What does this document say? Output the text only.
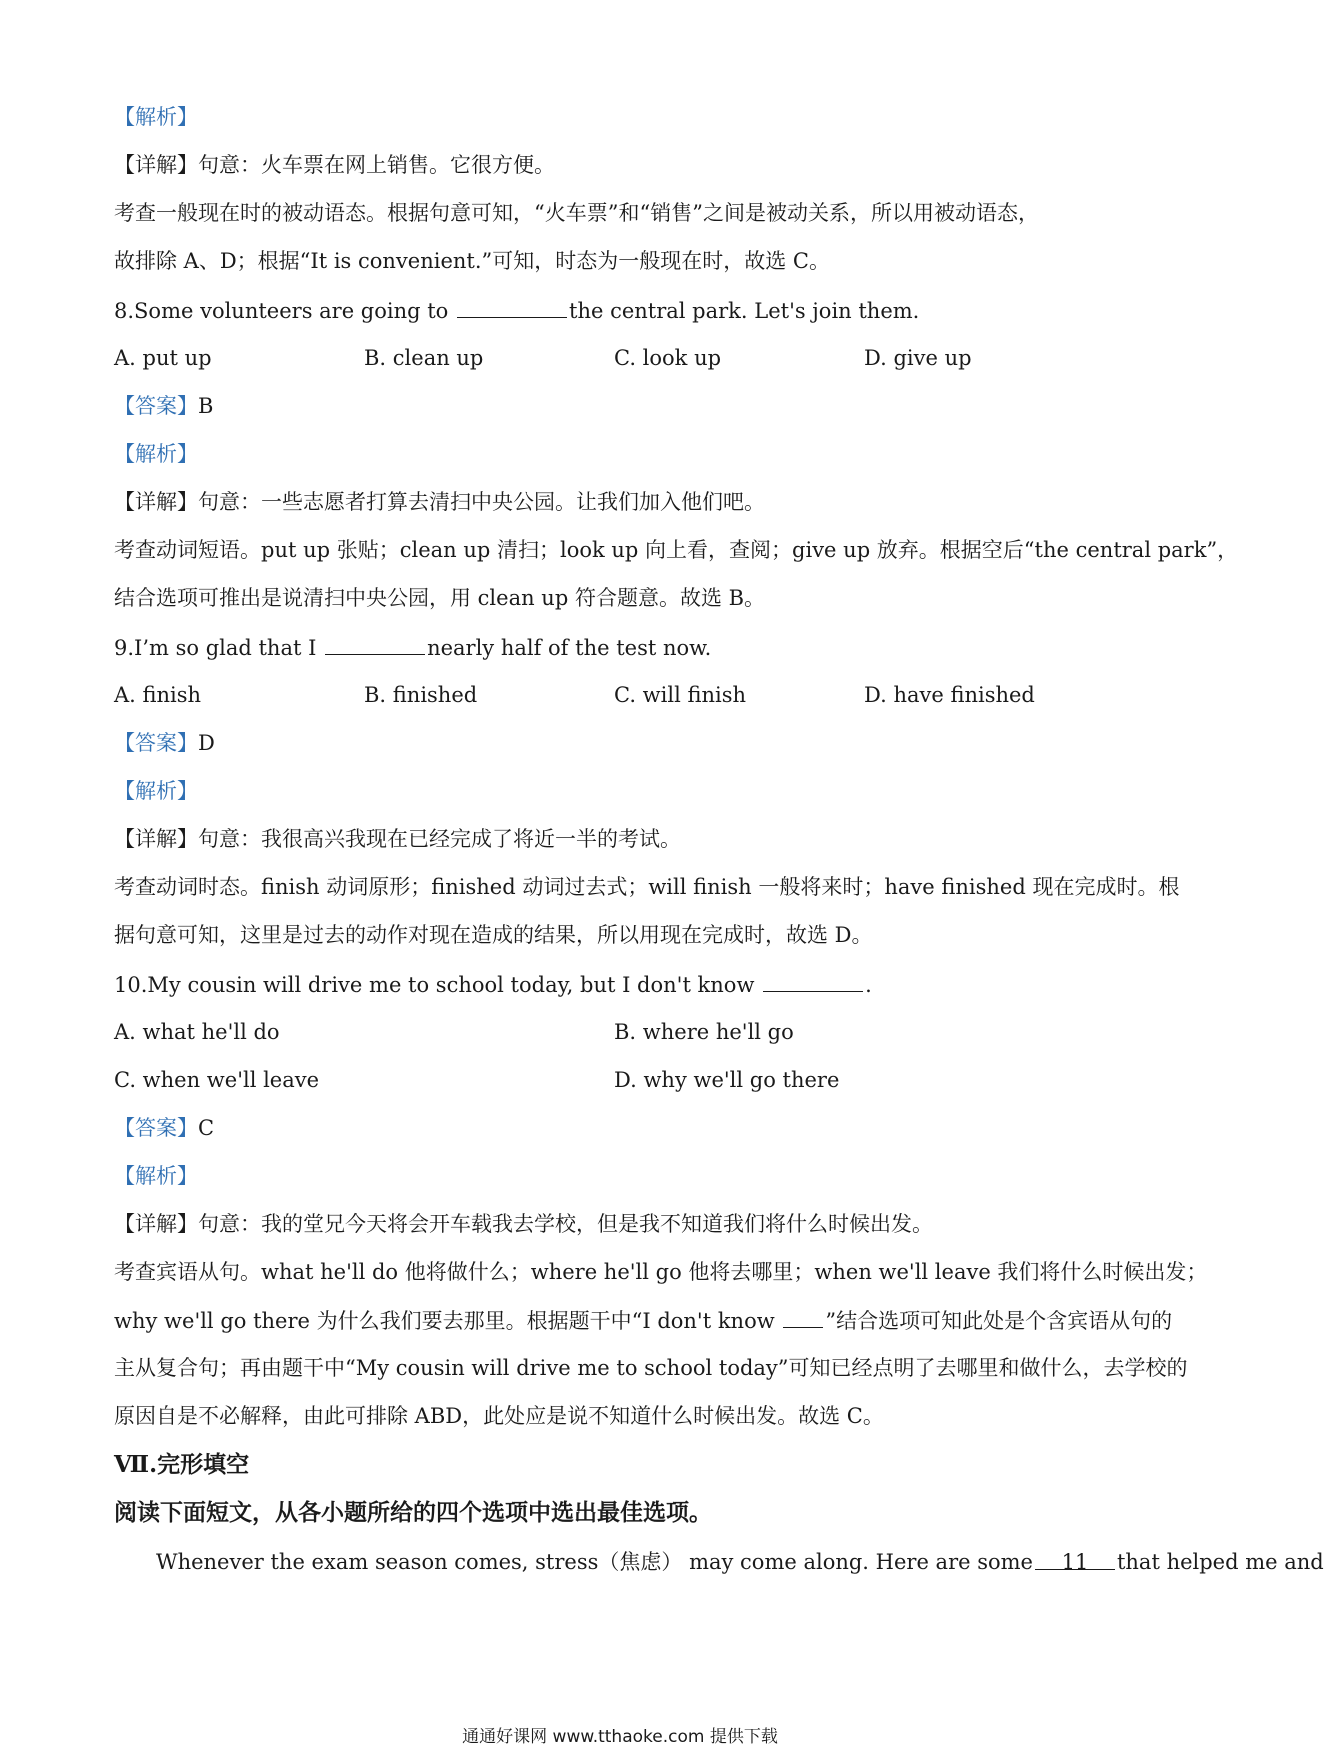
【解析】
【详解】句意：火车票在网上销售。它很方便。
考查一般现在时的被动语态。根据句意可知，“火车票”和“销售”之间是被动关系，所以用被动语态，
故排除 A、D；根据“It is convenient.”可知，时态为一般现在时，故选 C。
8.Some volunteers are going to	the central park. Let's join them.
A. put up	B. clean up	C. look up	D. give up
【答案】B
【解析】
【详解】句意：一些志愿者打算去清扫中央公园。让我们加入他们吧。
考查动词短语。put up 张贴；clean up 清扫；look up 向上看，查阅；give up 放弃。根据空后“the central park”，
结合选项可推出是说清扫中央公园，用 clean up 符合题意。故选 B。
9.I’m so glad that I	nearly half of the test now.
A. finish	B. finished	C. will finish	D. have finished
【答案】D
【解析】
【详解】句意：我很高兴我现在已经完成了将近一半的考试。
考查动词时态。finish 动词原形；finished 动词过去式；will finish 一般将来时；have finished 现在完成时。根
据句意可知，这里是过去的动作对现在造成的结果，所以用现在完成时，故选 D。
10.My cousin will drive me to school today, but I don't know	.
A. what he'll do	B. where he'll go
C. when we'll leave	D. why we'll go there
【答案】C
【解析】
【详解】句意：我的堂兄今天将会开车载我去学校，但是我不知道我们将什么时候出发。
考查宾语从句。what he'll do 他将做什么；where he'll go 他将去哪里；when we'll leave 我们将什么时候出发；
why we'll go there 为什么我们要去那里。根据题干中“I don't know ”结合选项可知此处是个含宾语从句的
主从复合句；再由题干中“My cousin will drive me to school today”可知已经点明了去哪里和做什么，去学校的
原因自是不必解释，由此可排除 ABD，此处应是说不知道什么时候出发。故选 C。
Ⅶ.完形填空
阅读下面短文，从各小题所给的四个选项中选出最佳选项。
Whenever the exam season comes, stress（焦虑） may come along. Here are some 11 that helped me and
通通好课网 www.tthaoke.com 提供下载
